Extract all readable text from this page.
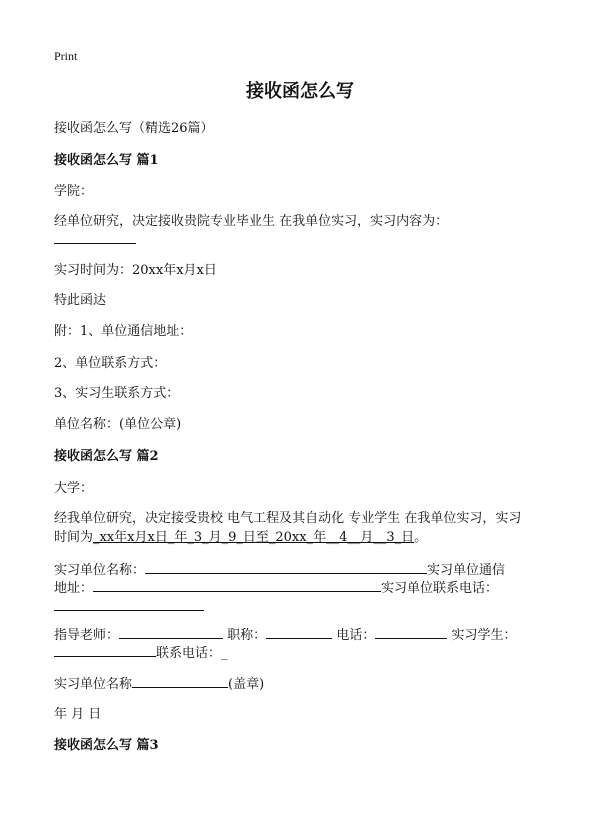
Print
接收函怎么写
接收函怎么写（精选26篇）
接收函怎么写 篇1
学院：
经单位研究，决定接收贵院专业毕业生 在我单位实习，实习内容为：
实习时间为：20xx年x月x日
特此函达
附：1、单位通信地址：
2、单位联系方式：
3、实习生联系方式：
单位名称：(单位公章)
接收函怎么写 篇2
大学：
经我单位研究，决定接受贵校 电气工程及其自动化 专业学生 在我单位实习，实习
时间为_xx年x月x日_年_3_月_9_日至_20xx_年__4__月__3_日。
实习单位名称：	实习单位通信
地址：	实习单位联系电话：
指导老师：	职称：	电话：	实习学生：
联系电话：_
实习单位名称	(盖章)
年 月 日
接收函怎么写 篇3
